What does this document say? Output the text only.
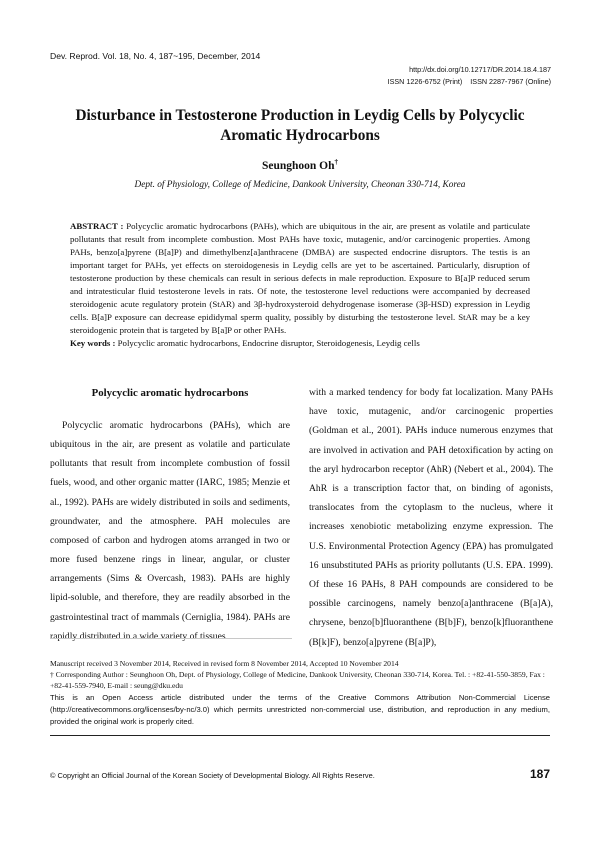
Dev. Reprod. Vol. 18, No. 4, 187~195, December, 2014
http://dx.doi.org/10.12717/DR.2014.18.4.187
ISSN 1226-6752 (Print)    ISSN 2287-7967 (Online)
Disturbance in Testosterone Production in Leydig Cells by Polycyclic Aromatic Hydrocarbons
Seunghoon Oh†
Dept. of Physiology, College of Medicine, Dankook University, Cheonan 330-714, Korea
ABSTRACT : Polycyclic aromatic hydrocarbons (PAHs), which are ubiquitous in the air, are present as volatile and particulate pollutants that result from incomplete combustion. Most PAHs have toxic, mutagenic, and/or carcinogenic properties. Among PAHs, benzo[a]pyrene (B[a]P) and dimethylbenz[a]anthracene (DMBA) are suspected endocrine disruptors. The testis is an important target for PAHs, yet effects on steroidogenesis in Leydig cells are yet to be ascertained. Particularly, disruption of testosterone production by these chemicals can result in serious defects in male reproduction. Exposure to B[a]P reduced serum and intratesticular fluid testosterone levels in rats. Of note, the testosterone level reductions were accompanied by decreased steroidogenic acute regulatory protein (StAR) and 3β-hydroxysteroid dehydrogenase isomerase (3β-HSD) expression in Leydig cells. B[a]P exposure can decrease epididymal sperm quality, possibly by disturbing the testosterone level. StAR may be a key steroidogenic protein that is targeted by B[a]P or other PAHs.
Key words : Polycyclic aromatic hydrocarbons, Endocrine disruptor, Steroidogenesis, Leydig cells
Polycyclic aromatic hydrocarbons

Polycyclic aromatic hydrocarbons (PAHs), which are ubiquitous in the air, are present as volatile and particulate pollutants that result from incomplete combustion of fossil fuels, wood, and other organic matter (IARC, 1985; Menzie et al., 1992). PAHs are widely distributed in soils and sediments, groundwater, and the atmosphere. PAH molecules are composed of carbon and hydrogen atoms arranged in two or more fused benzene rings in linear, angular, or cluster arrangements (Sims & Overcash, 1983). PAHs are highly lipid-soluble, and therefore, they are readily absorbed in the gastrointestinal tract of mammals (Cerniglia, 1984). PAHs are rapidly distributed in a wide variety of tissues

with a marked tendency for body fat localization. Many PAHs have toxic, mutagenic, and/or carcinogenic properties (Goldman et al., 2001). PAHs induce numerous enzymes that are involved in activation and PAH detoxification by acting on the aryl hydrocarbon receptor (AhR) (Nebert et al., 2004). The AhR is a transcription factor that, on binding of agonists, translocates from the cytoplasm to the nucleus, where it increases xenobiotic metabolizing enzyme expression. The U.S. Environmental Protection Agency (EPA) has promulgated 16 unsubstituted PAHs as priority pollutants (U.S. EPA. 1999). Of these 16 PAHs, 8 PAH compounds are considered to be possible carcinogens, namely benzo[a]anthracene (B[a]A), chrysene, benzo[b]fluoranthene (B[b]F), benzo[k]fluoranthene (B[k]F), benzo[a]pyrene (B[a]P),

Manuscript received 3 November 2014, Received in revised form 8 November 2014, Accepted 10 November 2014

† Corresponding Author : Seunghoon Oh, Dept. of Physiology, College of Medicine, Dankook University, Cheonan 330-714, Korea. Tel. : +82-41-550-3859, Fax : +82-41-559-7940, E-mail : seung@dku.edu

This is an Open Access article distributed under the terms of the Creative Commons Attribution Non-Commercial License (http://creativecommons.org/licenses/by-nc/3.0) which permits unrestricted non-commercial use, distribution, and reproduction in any medium, provided the original work is properly cited.
© Copyright an Official Journal of the Korean Society of Developmental Biology. All Rights Reserve.	187
